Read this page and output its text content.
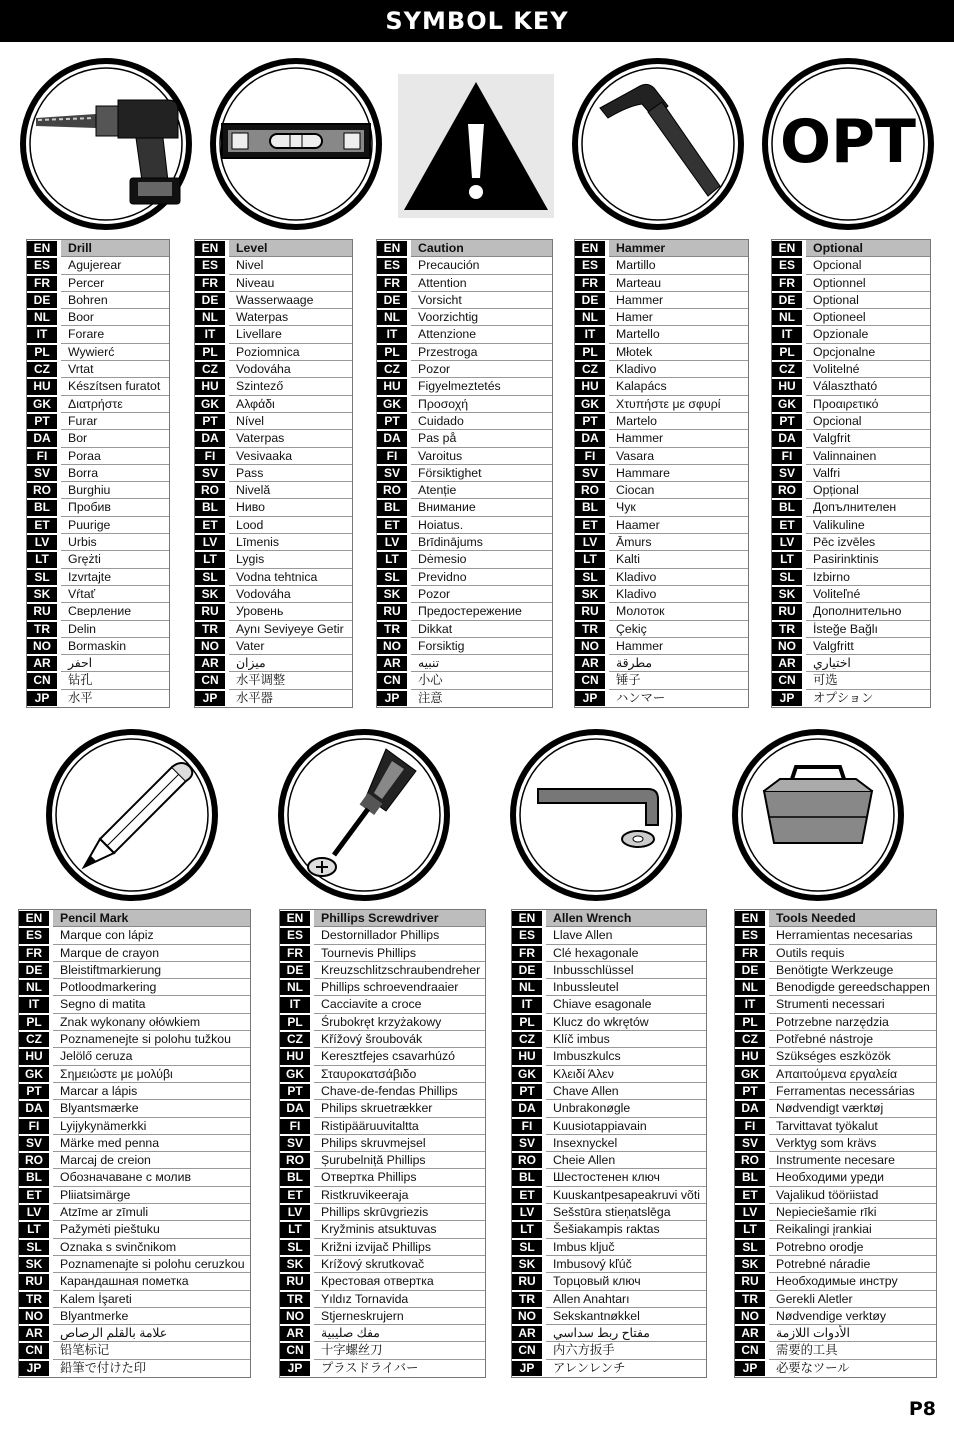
SYMBOL KEY
OPT
EN	Drill
ES	Agujerear
FR	Percer
DE	Bohren
NL	Boor
IT	Forare
PL	Wywierć
CZ	Vrtat
HU	Készítsen furatot
GK	Διατρήστε
PT	Furar
DA	Bor
FI	Poraa
SV	Borra
RO	Burghiu
BL	Пробив
ET	Puurige
LV	Urbis
LT	Grężti
SL	Izvrtajte
SK	Vŕtať
RU	Сверление
TR	Delin
NO	Bormaskin
AR	احفر
CN	钻孔
JP	水平
EN	Level
ES	Nivel
FR	Niveau
DE	Wasserwaage
NL	Waterpas
IT	Livellare
PL	Poziomnica
CZ	Vodováha
HU	Szintező
GK	Αλφάδι
PT	Nível
DA	Vaterpas
FI	Vesivaaka
SV	Pass
RO	Nivelă
BL	Ниво
ET	Lood
LV	Līmenis
LT	Lygis
SL	Vodna tehtnica
SK	Vodováha
RU	Уровень
TR	Aynı Seviyeye Getir
NO	Vater
AR	ميزان
CN	水平调整
JP	水平器
EN	Caution
ES	Precaución
FR	Attention
DE	Vorsicht
NL	Voorzichtig
IT	Attenzione
PL	Przestroga
CZ	Pozor
HU	Figyelmeztetés
GK	Προσοχή
PT	Cuidado
DA	Pas på
FI	Varoitus
SV	Försiktighet
RO	Atenție
BL	Внимание
ET	Hoiatus.
LV	Brīdinājums
LT	Dėmesio
SL	Previdno
SK	Pozor
RU	Предостережение
TR	Dikkat
NO	Forsiktig
AR	تنبيه
CN	小心
JP	注意
EN	Hammer
ES	Martillo
FR	Marteau
DE	Hammer
NL	Hamer
IT	Martello
PL	Młotek
CZ	Kladivo
HU	Kalapács
GK	Χτυπήστε με σφυρί
PT	Martelo
DA	Hammer
FI	Vasara
SV	Hammare
RO	Ciocan
BL	Чук
ET	Haamer
LV	Āmurs
LT	Kalti
SL	Kladivo
SK	Kladivo
RU	Молоток
TR	Çekiç
NO	Hammer
AR	مطرقة
CN	锤子
JP	ハンマー
EN	Optional
ES	Opcional
FR	Optionnel
DE	Optional
NL	Optioneel
IT	Opzionale
PL	Opcjonalne
CZ	Volitelné
HU	Választható
GK	Προαιρετικό
PT	Opcional
DA	Valgfrit
FI	Valinnainen
SV	Valfri
RO	Opțional
BL	Допълнителен
ET	Valikuline
LV	Pēc izvēles
LT	Pasirinktinis
SL	Izbirno
SK	Voliteľné
RU	Дополнительно
TR	İsteğe Bağlı
NO	Valgfritt
AR	اختياري
CN	可选
JP	オプション
EN	Pencil Mark
ES	Marque con lápiz
FR	Marque de crayon
DE	Bleistiftmarkierung
NL	Potloodmarkering
IT	Segno di matita
PL	Znak wykonany ołówkiem
CZ	Poznamenejte si polohu tužkou
HU	Jelölő ceruza
GK	Σημειώστε με μολύβι
PT	Marcar a lápis
DA	Blyantsmærke
FI	Lyijykynämerkki
SV	Märke med penna
RO	Marcaj de creion
BL	Обозначаване с молив
ET	Pliiatsimärge
LV	Atzīme ar zīmuli
LT	Pažymėti pieštuku
SL	Oznaka s svinčnikom
SK	Poznamenajte si polohu ceruzkou
RU	Карандашная пометка
TR	Kalem İşareti
NO	Blyantmerke
AR	علامة بالقلم الرصاص
CN	铅笔标记
JP	鉛筆で付けた印
EN	Phillips Screwdriver
ES	Destornillador Phillips
FR	Tournevis Phillips
DE	Kreuzschlitzschraubendreher
NL	Phillips schroevendraaier
IT	Cacciavite a croce
PL	Śrubokręt krzyżakowy
CZ	Křížový šroubovák
HU	Keresztfejes csavarhúzó
GK	Σταυροκατσάβιδο
PT	Chave-de-fendas Phillips
DA	Philips skruetrækker
FI	Ristipääruuvitaltta
SV	Philips skruvmejsel
RO	Șurubelniță Phillips
BL	Отвертка Phillips
ET	Ristkruvikeeraja
LV	Phillips skrūvgriezis
LT	Kryžminis atsuktuvas
SL	Križni izvijač Phillips
SK	Krížový skrutkovač
RU	Крестовая отвертка
TR	Yıldız Tornavida
NO	Stjerneskrujern
AR	مفك صليبية
CN	十字螺丝刀
JP	プラスドライバー
EN	Allen Wrench
ES	Llave Allen
FR	Clé hexagonale
DE	Inbusschlüssel
NL	Inbussleutel
IT	Chiave esagonale
PL	Klucz do wkrętów
CZ	Klíč imbus
HU	Imbuszkulcs
GK	Κλειδί Άλεν
PT	Chave Allen
DA	Unbrakonøgle
FI	Kuusiotappiavain
SV	Insexnyckel
RO	Cheie Allen
BL	Шестостенен ключ
ET	Kuuskantpesapeakruvi võti
LV	Sešstūra stieņatslēga
LT	Šešiakampis raktas
SL	Imbus ključ
SK	Imbusový kľúč
RU	Торцовый ключ
TR	Allen Anahtarı
NO	Sekskantnøkkel
AR	مفتاح ربط سداسي
CN	内六方扳手
JP	アレンレンチ
EN	Tools Needed
ES	Herramientas necesarias
FR	Outils requis
DE	Benötigte Werkzeuge
NL	Benodigde gereedschappen
IT	Strumenti necessari
PL	Potrzebne narzędzia
CZ	Potřebné nástroje
HU	Szükséges eszközök
GK	Απαιτούμενα εργαλεία
PT	Ferramentas necessárias
DA	Nødvendigt værktøj
FI	Tarvittavat työkalut
SV	Verktyg som krävs
RO	Instrumente necesare
BL	Необходими уреди
ET	Vajalikud tööriistad
LV	Nepieciešamie rīki
LT	Reikalingi įrankiai
SL	Potrebno orodje
SK	Potrebné náradie
RU	Необходимые инстру
TR	Gerekli Aletler
NO	Nødvendige verktøy
AR	الأدوات اللازمة
CN	需要的工具
JP	必要なツール
P8
